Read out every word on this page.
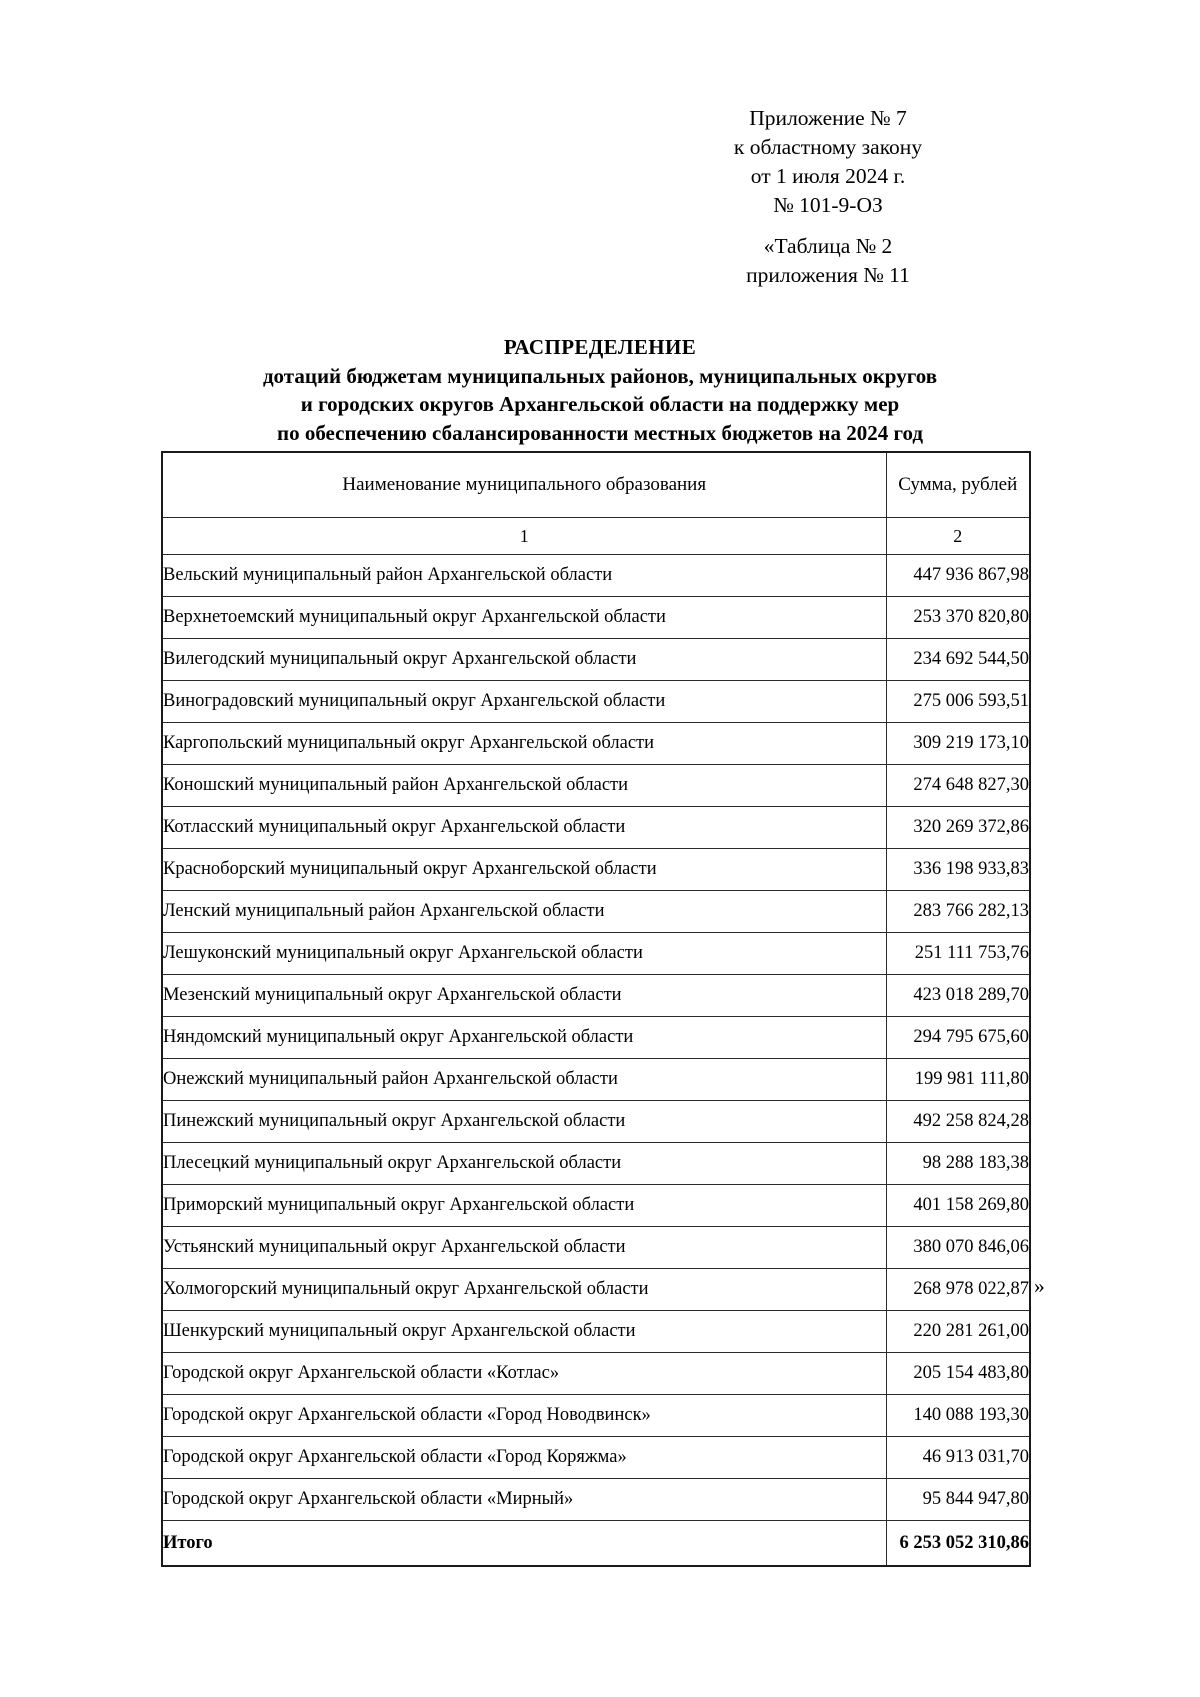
Приложение № 7
к областному закону
от 1 июля 2024 г.
№ 101-9-ОЗ
«Таблица № 2
приложения № 11
РАСПРЕДЕЛЕНИЕ
дотаций бюджетам муниципальных районов, муниципальных округов
и городских округов Архангельской области на поддержку мер
по обеспечению сбалансированности местных бюджетов на 2024 год
Наименование муниципального образования	Сумма, рублей
1	2
Вельский муниципальный район Архангельской области	447 936 867,98
Верхнетоемский муниципальный округ Архангельской области	253 370 820,80
Вилегодский муниципальный округ Архангельской области	234 692 544,50
Виноградовский муниципальный округ Архангельской области	275 006 593,51
Каргопольский муниципальный округ Архангельской области	309 219 173,10
Коношский муниципальный район Архангельской области	274 648 827,30
Котласский муниципальный округ Архангельской области	320 269 372,86
Красноборский муниципальный округ Архангельской области	336 198 933,83
Ленский муниципальный район Архангельской области	283 766 282,13
Лешуконский муниципальный округ Архангельской области	251 111 753,76
Мезенский муниципальный округ Архангельской области	423 018 289,70
Няндомский муниципальный округ Архангельской области	294 795 675,60
Онежский муниципальный район Архангельской области	199 981 111,80
Пинежский муниципальный округ Архангельской области	492 258 824,28
Плесецкий муниципальный округ Архангельской области	98 288 183,38
Приморский муниципальный округ Архангельской области	401 158 269,80
Устьянский муниципальный округ Архангельской области	380 070 846,06
Холмогорский муниципальный округ Архангельской области	268 978 022,87
Шенкурский муниципальный округ Архангельской области	220 281 261,00
Городской округ Архангельской области «Котлас»	205 154 483,80
Городской округ Архангельской области «Город Новодвинск»	140 088 193,30
Городской округ Архангельской области «Город Коряжма»	46 913 031,70
Городской округ Архангельской области «Мирный»	95 844 947,80
Итого	6 253 052 310,86
»
